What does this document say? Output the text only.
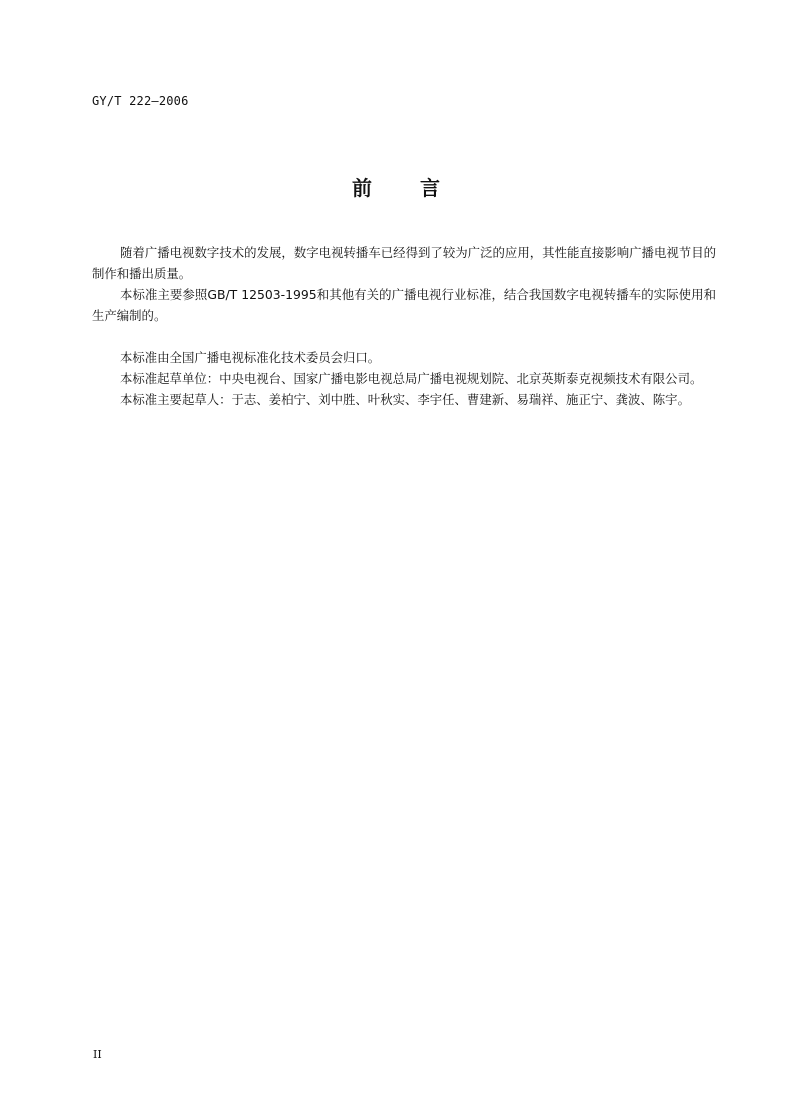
GY/T 222—2006
前 言

随着广播电视数字技术的发展，数字电视转播车已经得到了较为广泛的应用，其性能直接影响广播电视节目的制作和播出质量。

本标准主要参照GB/T 12503-1995和其他有关的广播电视行业标准，结合我国数字电视转播车的实际使用和生产编制的。

本标准由全国广播电视标准化技术委员会归口。

本标准起草单位：中央电视台、国家广播电影电视总局广播电视规划院、北京英斯泰克视频技术有限公司。

本标准主要起草人：于志、姜柏宁、刘中胜、叶秋实、李宇任、曹建新、易瑞祥、施正宁、龚波、陈宇。

II
